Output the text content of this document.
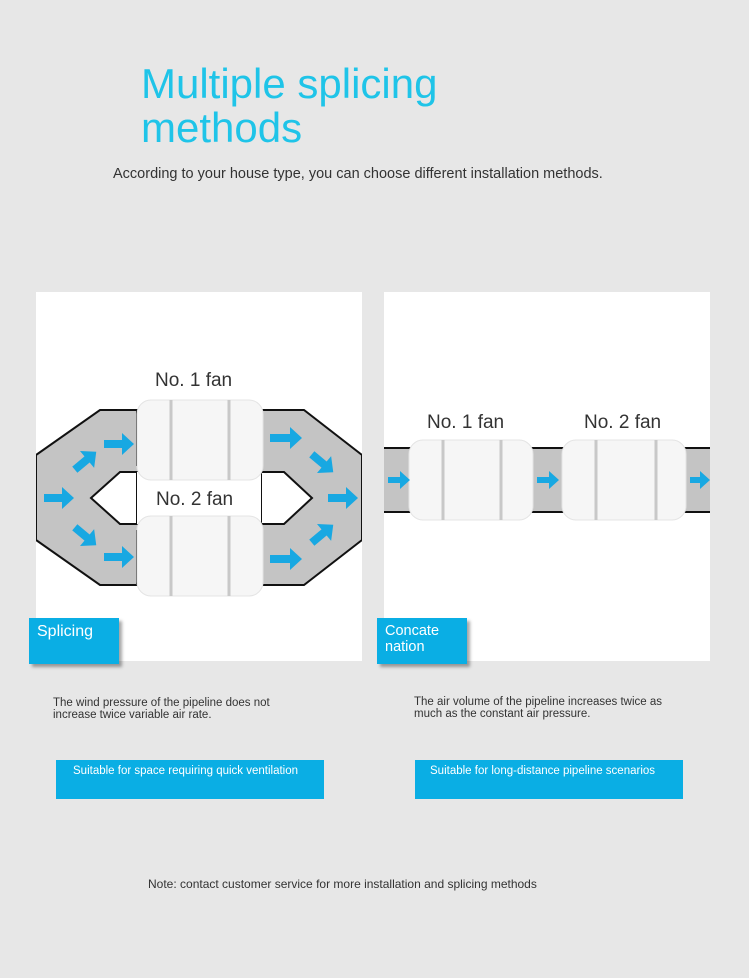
Multiple splicing
methods
According to your house type, you can choose different installation methods.
No. 1 fan
No. 2 fan
No. 1 fan	No. 2 fan
Splicing	Concate
nation
The wind pressure of the pipeline does not increase twice variable air rate.
The air volume of the pipeline increases twice as much as the constant air pressure.
Suitable for space requiring quick ventilation	Suitable for long-distance pipeline scenarios
Note: contact customer service for more installation and splicing methods
